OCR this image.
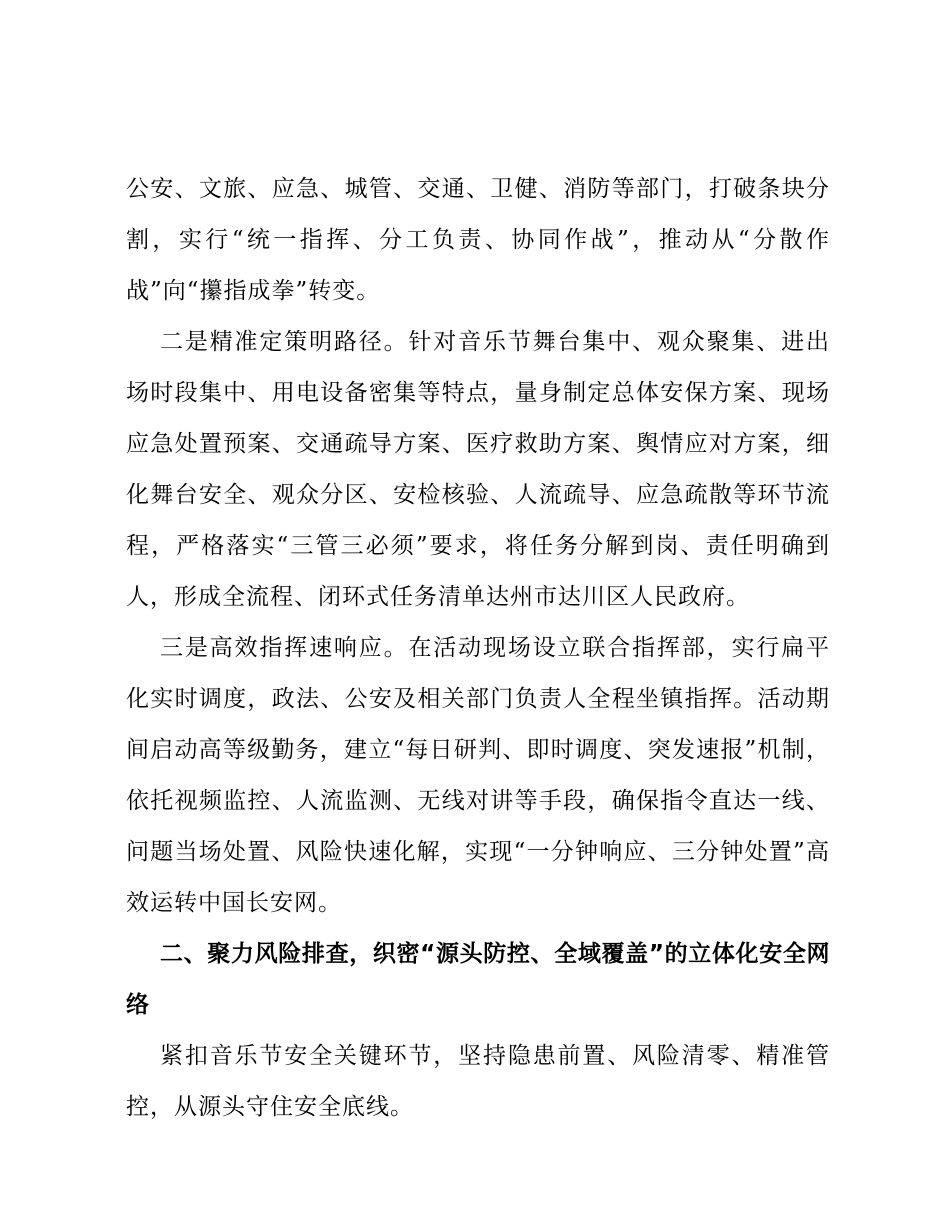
公安、文旅、应急、城管、交通、卫健、消防等部门，打破条块分割，实行“统一指挥、分工负责、协同作战”，推动从“分散作战”向“攥指成拳”转变。

二是精准定策明路径。针对音乐节舞台集中、观众聚集、进出场时段集中、用电设备密集等特点，量身制定总体安保方案、现场应急处置预案、交通疏导方案、医疗救助方案、舆情应对方案，细化舞台安全、观众分区、安检核验、人流疏导、应急疏散等环节流程，严格落实“三管三必须”要求，将任务分解到岗、责任明确到人，形成全流程、闭环式任务清单达州市达川区人民政府。

三是高效指挥速响应。在活动现场设立联合指挥部，实行扁平化实时调度，政法、公安及相关部门负责人全程坐镇指挥。活动期间启动高等级勤务，建立“每日研判、即时调度、突发速报”机制，依托视频监控、人流监测、无线对讲等手段，确保指令直达一线、问题当场处置、风险快速化解，实现“一分钟响应、三分钟处置”高效运转中国长安网。

二、聚力风险排查，织密“源头防控、全域覆盖”的立体化安全网络

紧扣音乐节安全关键环节，坚持隐患前置、风险清零、精准管控，从源头守住安全底线。
